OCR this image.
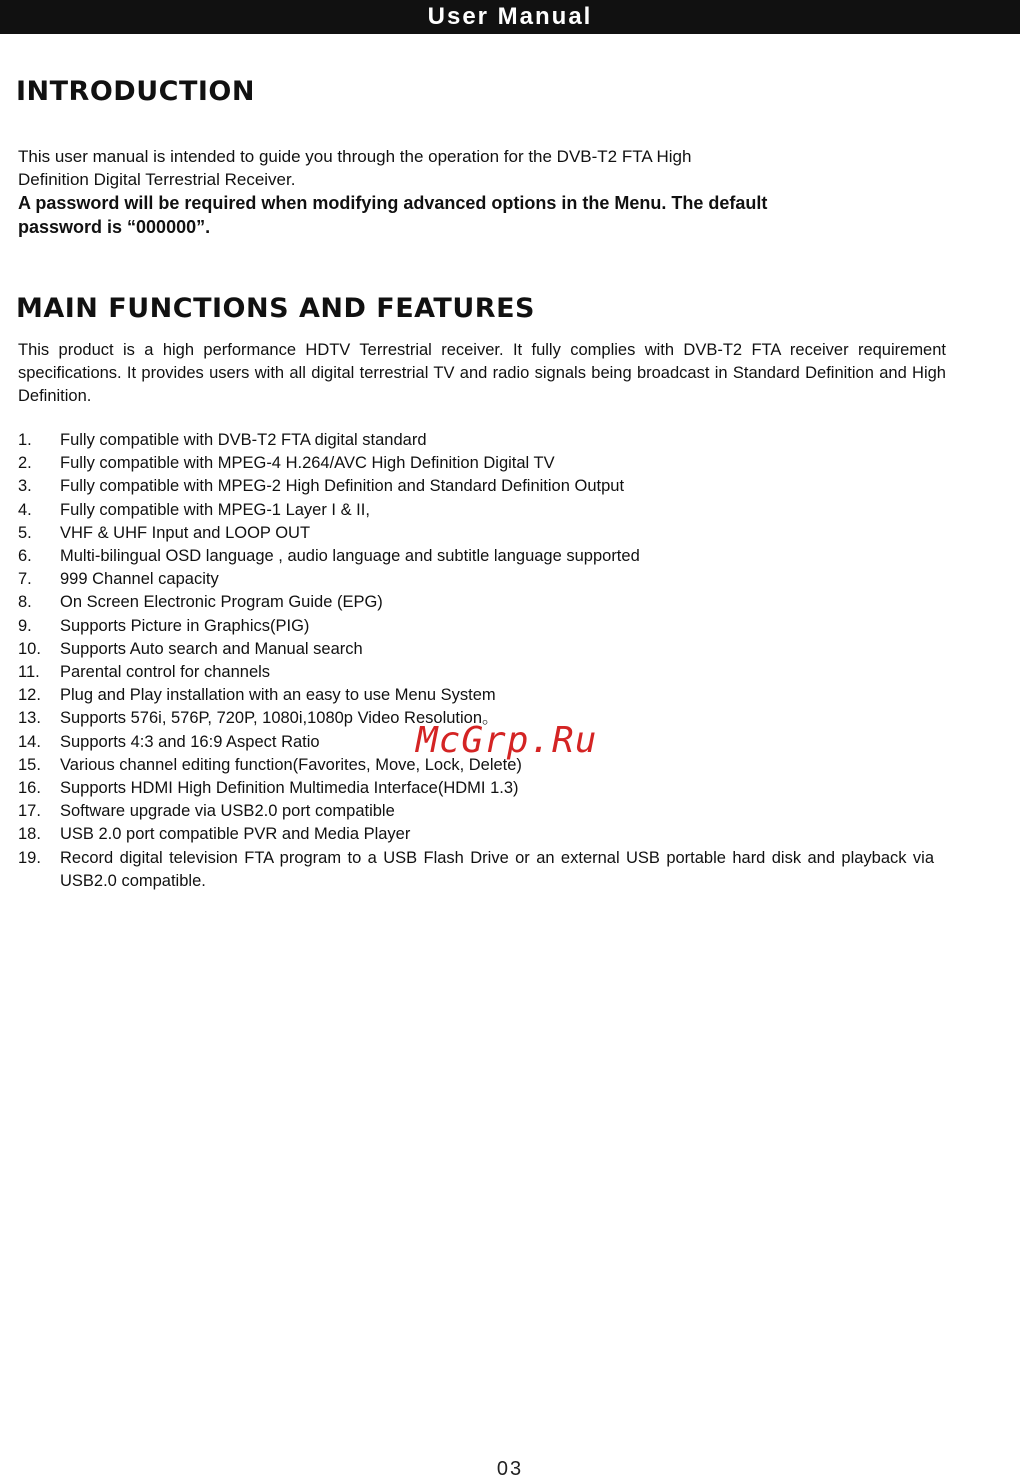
User Manual
INTRODUCTION

This user manual is intended to guide you through the operation for the DVB-T2 FTA High

Definition Digital Terrestrial Receiver.

A password will be required when modifying advanced options in the Menu. The default

password is “000000”.

MAIN FUNCTIONS AND FEATURES

This product is a high performance HDTV Terrestrial receiver. It fully complies with DVB-T2 FTA receiver requirement specifications. It provides users with all digital terrestrial TV and radio signals being broadcast in Standard Definition and High Definition.

1.	Fully compatible with DVB-T2 FTA digital standard
2.	Fully compatible with MPEG-4 H.264/AVC High Definition Digital TV
3.	Fully compatible with MPEG-2 High Definition and Standard Definition Output
4.	Fully compatible with MPEG-1 Layer I & II,
5.	VHF & UHF Input and LOOP OUT
6.	Multi-bilingual OSD language , audio language and subtitle language supported
7.	999 Channel capacity
8.	On Screen Electronic Program Guide (EPG)
9.	Supports Picture in Graphics(PIG)
10.	Supports Auto search and Manual search
11.	Parental control for channels
12.	Plug and Play installation with an easy to use Menu System
13.	Supports 576i, 576P, 720P, 1080i,1080p Video Resolution。
14.	Supports 4:3 and 16:9 Aspect Ratio
15.	Various channel editing function(Favorites, Move, Lock, Delete)
16.	Supports HDMI High Definition Multimedia Interface(HDMI 1.3)
17.	Software upgrade via USB2.0 port compatible
18.	USB 2.0 port compatible PVR and Media Player
19.	Record digital television FTA program to a USB Flash Drive or an external USB portable hard disk and playback via USB2.0 compatible.
McGrp.Ru
03
